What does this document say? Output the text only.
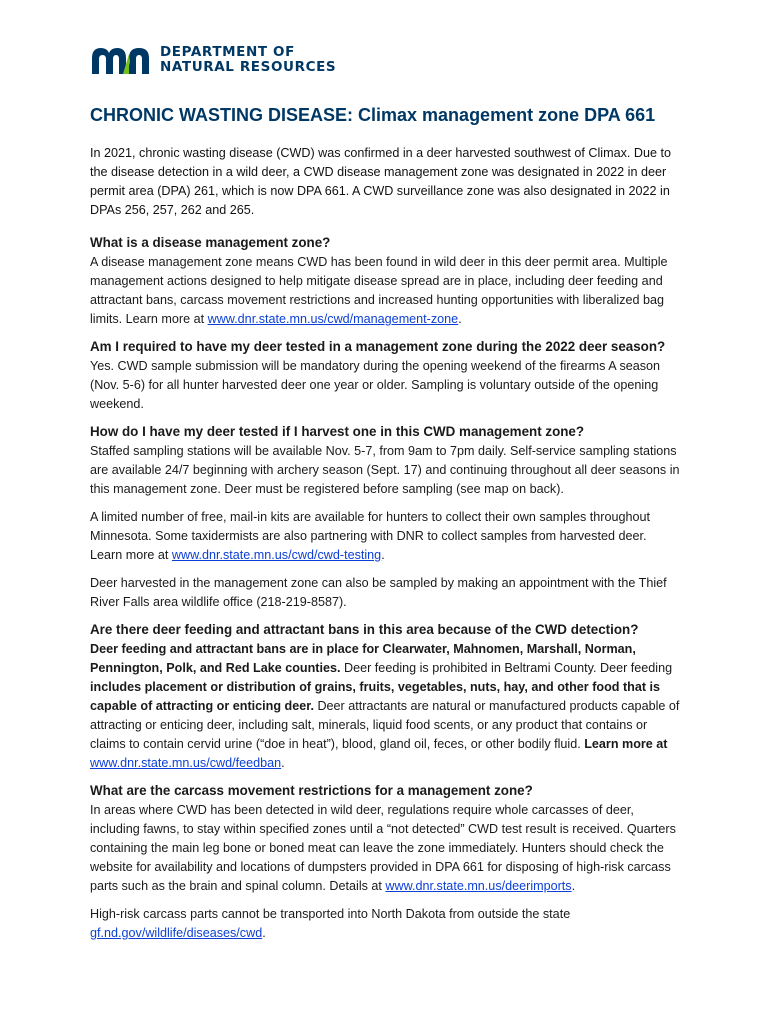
DEPARTMENT OF
NATURAL RESOURCES
CHRONIC WASTING DISEASE: Climax management zone DPA 661

In 2021, chronic wasting disease (CWD) was confirmed in a deer harvested southwest of Climax. Due to the disease detection in a wild deer, a CWD disease management zone was designated in 2022 in deer permit area (DPA) 261, which is now DPA 661. A CWD surveillance zone was also designated in 2022 in DPAs 256, 257, 262 and 265.

What is a disease management zone?

A disease management zone means CWD has been found in wild deer in this deer permit area. Multiple management actions designed to help mitigate disease spread are in place, including deer feeding and attractant bans, carcass movement restrictions and increased hunting opportunities with liberalized bag limits. Learn more at www.dnr.state.mn.us/cwd/management-zone.

Am I required to have my deer tested in a management zone during the 2022 deer season?

Yes. CWD sample submission will be mandatory during the opening weekend of the firearms A season (Nov. 5-6) for all hunter harvested deer one year or older. Sampling is voluntary outside of the opening weekend.

How do I have my deer tested if I harvest one in this CWD management zone?

Staffed sampling stations will be available Nov. 5-7, from 9am to 7pm daily. Self-service sampling stations are available 24/7 beginning with archery season (Sept. 17) and continuing throughout all deer seasons in this management zone. Deer must be registered before sampling (see map on back).

A limited number of free, mail-in kits are available for hunters to collect their own samples throughout Minnesota. Some taxidermists are also partnering with DNR to collect samples from harvested deer. Learn more at www.dnr.state.mn.us/cwd/cwd-testing.

Deer harvested in the management zone can also be sampled by making an appointment with the Thief River Falls area wildlife office (218-219-8587).

Are there deer feeding and attractant bans in this area because of the CWD detection?

Deer feeding and attractant bans are in place for Clearwater, Mahnomen, Marshall, Norman, Pennington, Polk, and Red Lake counties. Deer feeding is prohibited in Beltrami County. Deer feeding includes placement or distribution of grains, fruits, vegetables, nuts, hay, and other food that is capable of attracting or enticing deer. Deer attractants are natural or manufactured products capable of attracting or enticing deer, including salt, minerals, liquid food scents, or any product that contains or claims to contain cervid urine (“doe in heat”), blood, gland oil, feces, or other bodily fluid. Learn more at www.dnr.state.mn.us/cwd/feedban.

What are the carcass movement restrictions for a management zone?

In areas where CWD has been detected in wild deer, regulations require whole carcasses of deer, including fawns, to stay within specified zones until a “not detected” CWD test result is received. Quarters containing the main leg bone or boned meat can leave the zone immediately. Hunters should check the website for availability and locations of dumpsters provided in DPA 661 for disposing of high-risk carcass parts such as the brain and spinal column. Details at www.dnr.state.mn.us/deerimports.

High-risk carcass parts cannot be transported into North Dakota from outside the state gf.nd.gov/wildlife/diseases/cwd.
